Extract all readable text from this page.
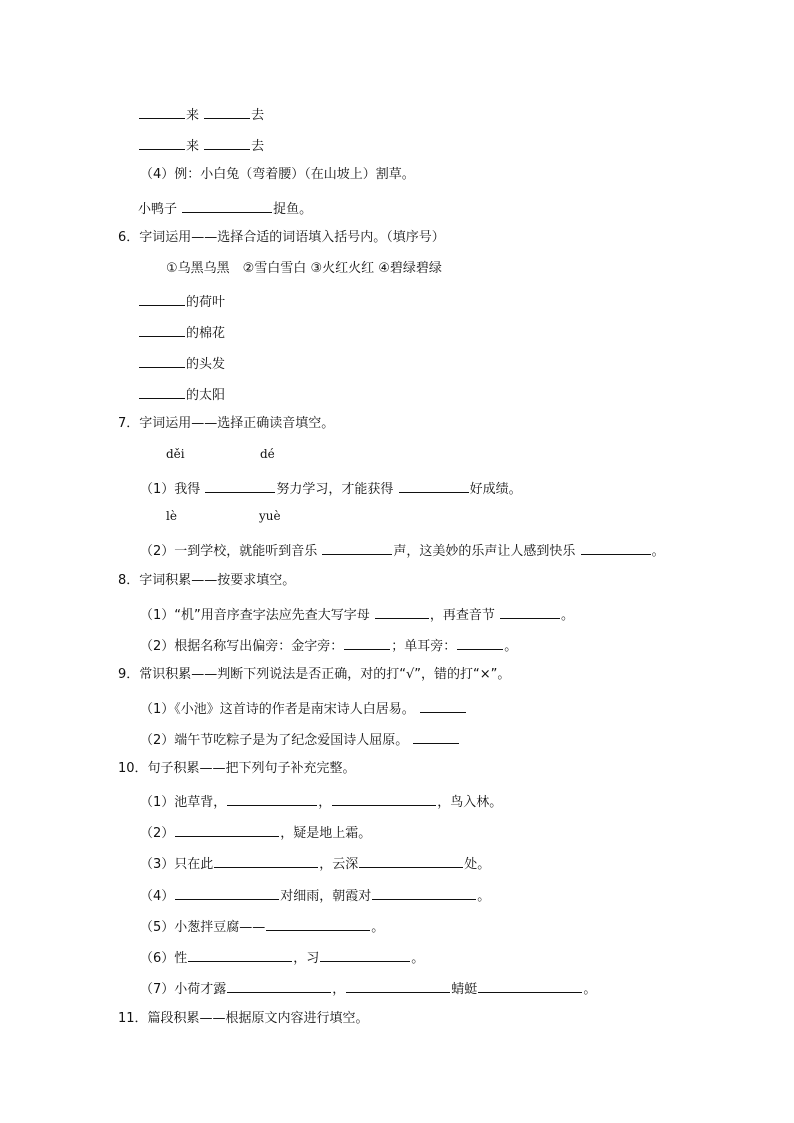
来	去
来	去
（4）例：小白兔（弯着腰）（在山坡上）割草。
小鸭子	捉鱼。
6．字词运用——选择合适的词语填入括号内。（填序号）
①乌黑乌黑　②雪白雪白 ③火红火红 ④碧绿碧绿
的荷叶
的棉花
的头发
的太阳
7．字词运用——选择正确读音填空。
děi	dé
（1）我得	努力学习，才能获得	好成绩。
lè	yuè
（2）一到学校，就能听到音乐	声，这美妙的乐声让人感到快乐	。
8．字词积累——按要求填空。
（1）“机”用音序查字法应先查大写字母	，再查音节	。
（2）根据名称写出偏旁：金字旁：	；单耳旁：	。
9．常识积累——判断下列说法是否正确，对的打“√”，错的打“×”。
（1）《小池》这首诗的作者是南宋诗人白居易。
（2）端午节吃粽子是为了纪念爱国诗人屈原。
10．句子积累——把下列句子补充完整。
（1）池草背，	，	，鸟入林。
（2）	，疑是地上霜。
（3）只在此	，云深	处。
（4）	对细雨，朝霞对	。
（5）小葱拌豆腐——	。
（6）性	，习	。
（7）小荷才露	，	蜻蜓	。
11．篇段积累——根据原文内容进行填空。
